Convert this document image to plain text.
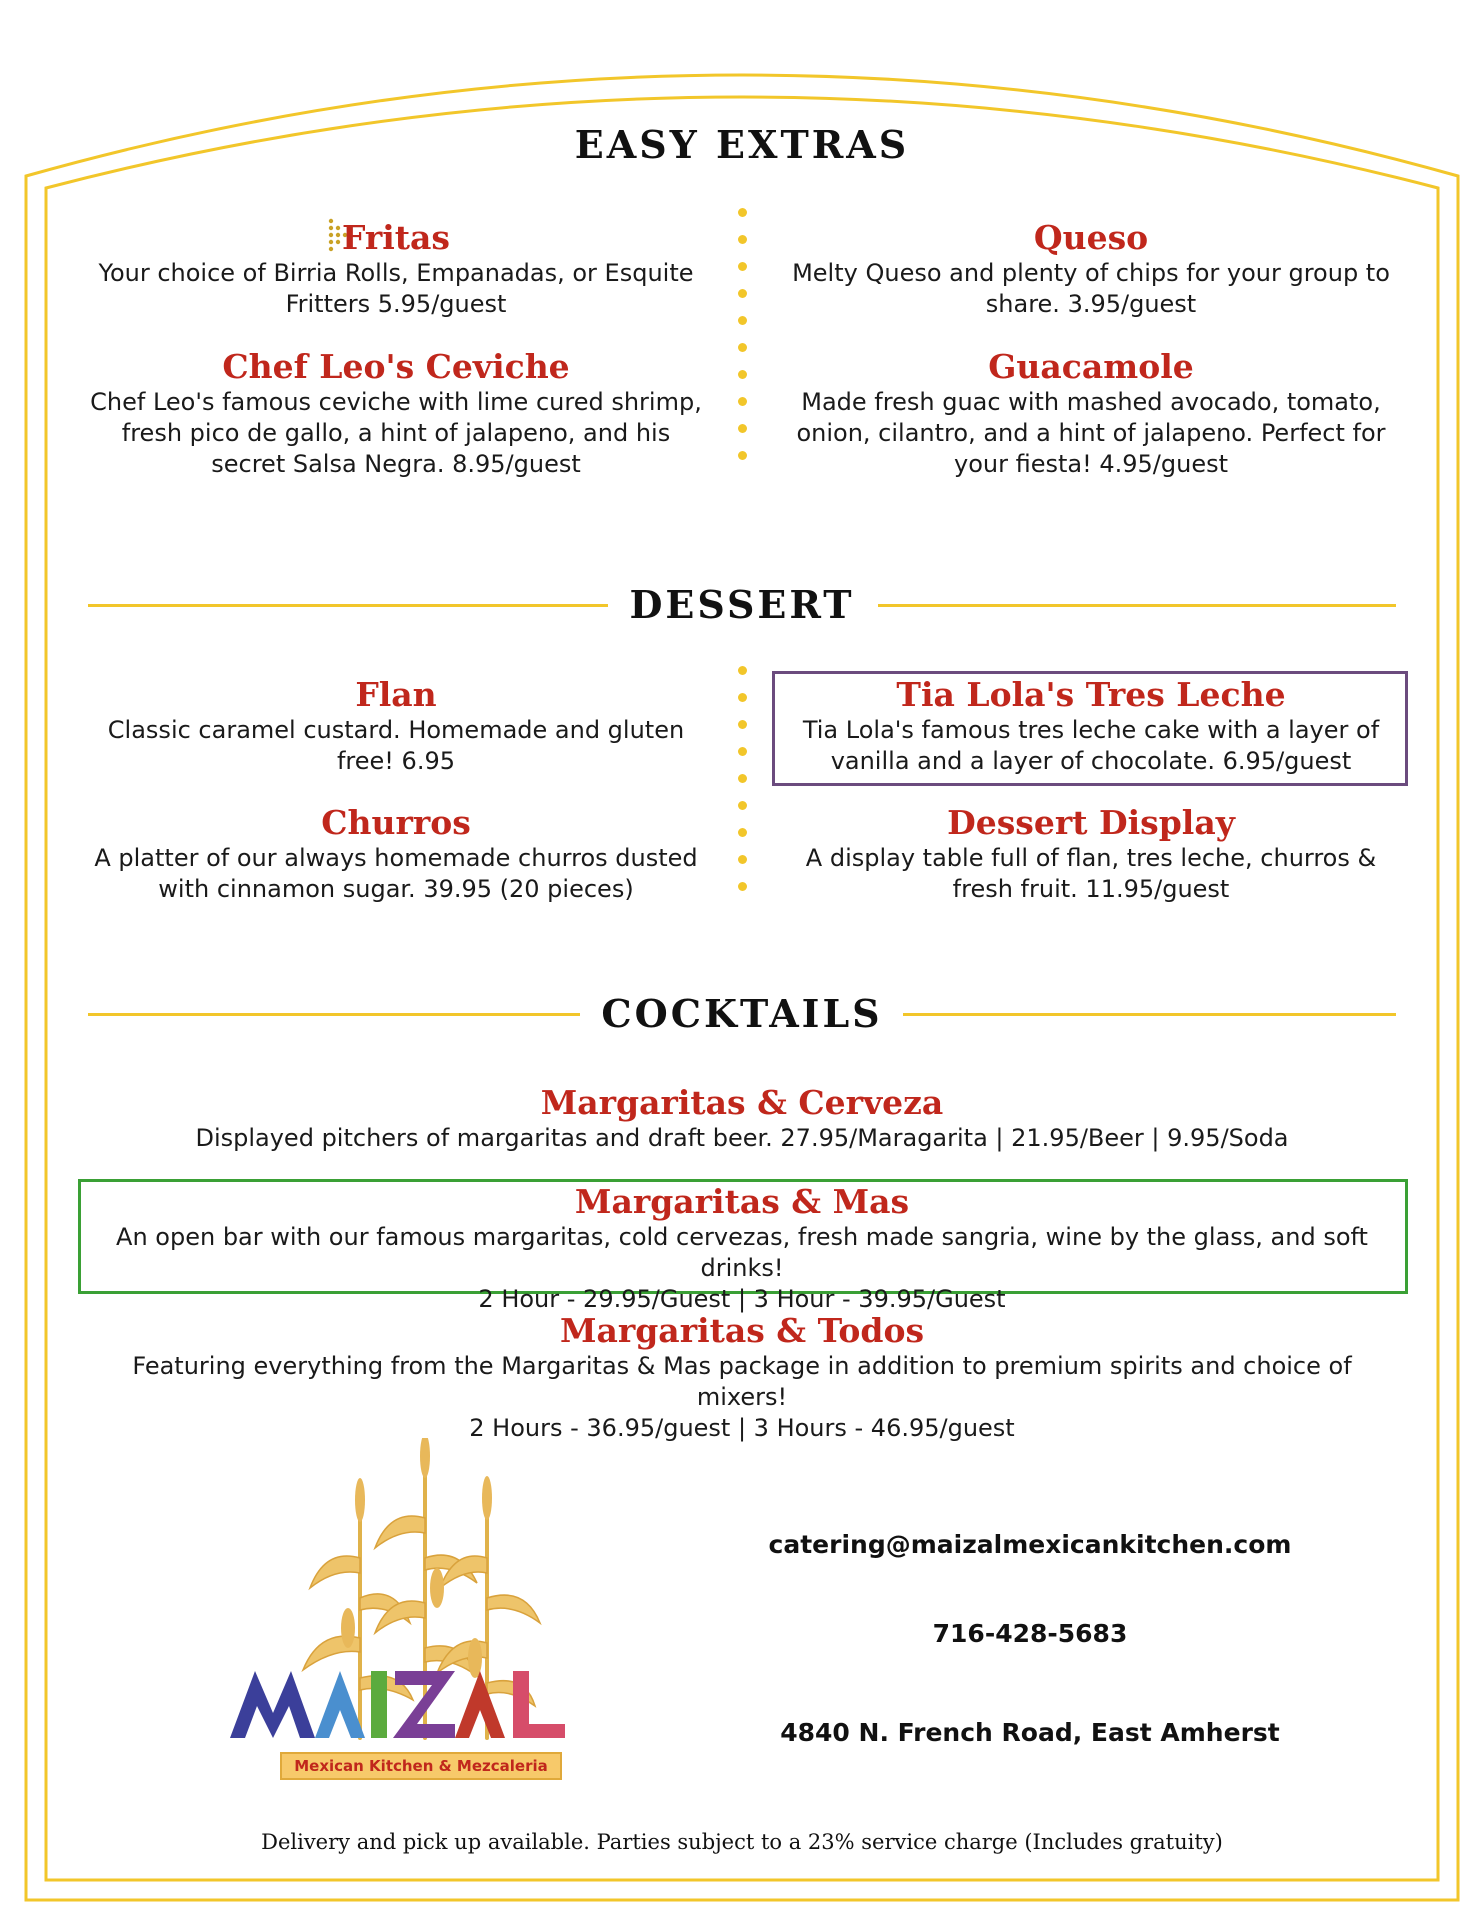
EASY EXTRAS
Fritas

Your choice of Birria Rolls, Empanadas, or Esquite Fritters 5.95/guest

Chef Leo's Ceviche

Chef Leo's famous ceviche with lime cured shrimp, fresh pico de gallo, a hint of jalapeno, and his secret Salsa Negra. 8.95/guest

Queso

Melty Queso and plenty of chips for your group to share. 3.95/guest

Guacamole

Made fresh guac with mashed avocado, tomato, onion, cilantro, and a hint of jalapeno. Perfect for your fiesta! 4.95/guest

DESSERT
Flan

Classic caramel custard. Homemade and gluten free! 6.95

Churros

A platter of our always homemade churros dusted with cinnamon sugar. 39.95 (20 pieces)

Tia Lola's Tres Leche

Tia Lola's famous tres leche cake with a layer of vanilla and a layer of chocolate. 6.95/guest

Dessert Display

A display table full of flan, tres leche, churros & fresh fruit. 11.95/guest

COCKTAILS
Margaritas & Cerveza

Displayed pitchers of margaritas and draft beer. 27.95/Maragarita | 21.95/Beer | 9.95/Soda

Margaritas & Mas

An open bar with our famous margaritas, cold cervezas, fresh made sangria, wine by the glass, and soft drinks!

2 Hour - 29.95/Guest | 3 Hour - 39.95/Guest

Margaritas & Todos

Featuring everything from the Margaritas & Mas package in addition to premium spirits and choice of mixers!

2 Hours - 36.95/guest | 3 Hours - 46.95/guest

Mexican Kitchen & Mezcaleria
catering@maizalmexicankitchen.com
716-428-5683
4840 N. French Road, East Amherst
Delivery and pick up available. Parties subject to a 23% service charge (Includes gratuity)
